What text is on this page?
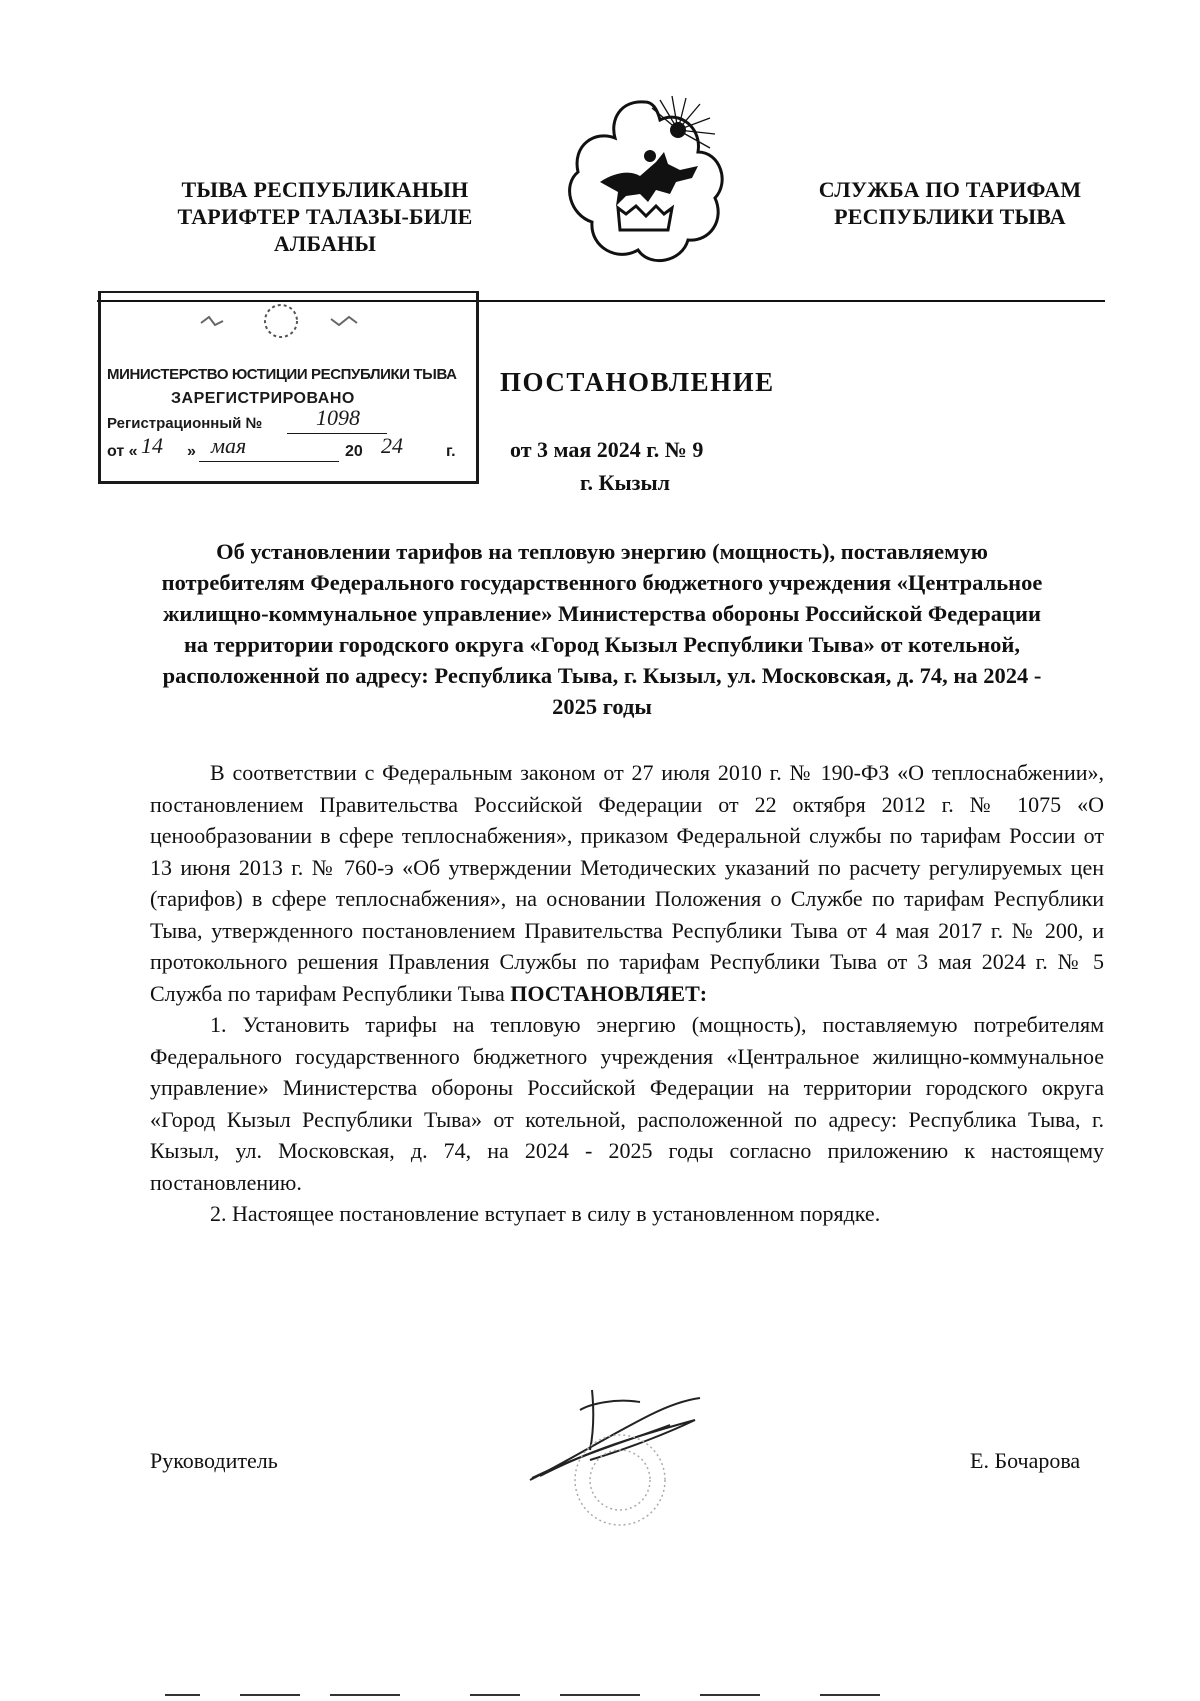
ТЫВА РЕСПУБЛИКАНЫН
ТАРИФТЕР ТАЛАЗЫ-БИЛЕ
АЛБАНЫ
СЛУЖБА ПО ТАРИФАМ
РЕСПУБЛИКИ ТЫВА
МИНИСТЕРСТВО ЮСТИЦИИ РЕСПУБЛИКИ ТЫВА
ЗАРЕГИСТРИРОВАНО
Регистрационный № 1098
от « 14 » мая	20 24	г.
ПОСТАНОВЛЕНИЕ
от 3 мая 2024 г. № 9
г. Кызыл
Об установлении тарифов на тепловую энергию (мощность), поставляемую потребителям Федерального государственного бюджетного учреждения «Центральное жилищно-коммунальное управление» Министерства обороны Российской Федерации на территории городского округа «Город Кызыл Республики Тыва» от котельной, расположенной по адресу: Республика Тыва, г. Кызыл, ул. Московская, д. 74, на 2024 - 2025 годы

В соответствии с Федеральным законом от 27 июля 2010 г. № 190-ФЗ «О теплоснабжении», постановлением Правительства Российской Федерации от 22 октября 2012 г. № 1075 «О ценообразовании в сфере теплоснабжения», приказом Федеральной службы по тарифам России от 13 июня 2013 г. № 760-э «Об утверждении Методических указаний по расчету регулируемых цен (тарифов) в сфере теплоснабжения», на основании Положения о Службе по тарифам Республики Тыва, утвержденного постановлением Правительства Республики Тыва от 4 мая 2017 г. № 200, и протокольного решения Правления Службы по тарифам Республики Тыва от 3 мая 2024 г. № 5 Служба по тарифам Республики Тыва ПОСТАНОВЛЯЕТ:

1. Установить тарифы на тепловую энергию (мощность), поставляемую потребителям Федерального государственного бюджетного учреждения «Центральное жилищно-коммунальное управление» Министерства обороны Российской Федерации на территории городского округа «Город Кызыл Республики Тыва» от котельной, расположенной по адресу: Республика Тыва, г. Кызыл, ул. Московская, д. 74, на 2024 - 2025 годы согласно приложению к настоящему постановлению.

2. Настоящее постановление вступает в силу в установленном порядке.

Руководитель	Е. Бочарова
